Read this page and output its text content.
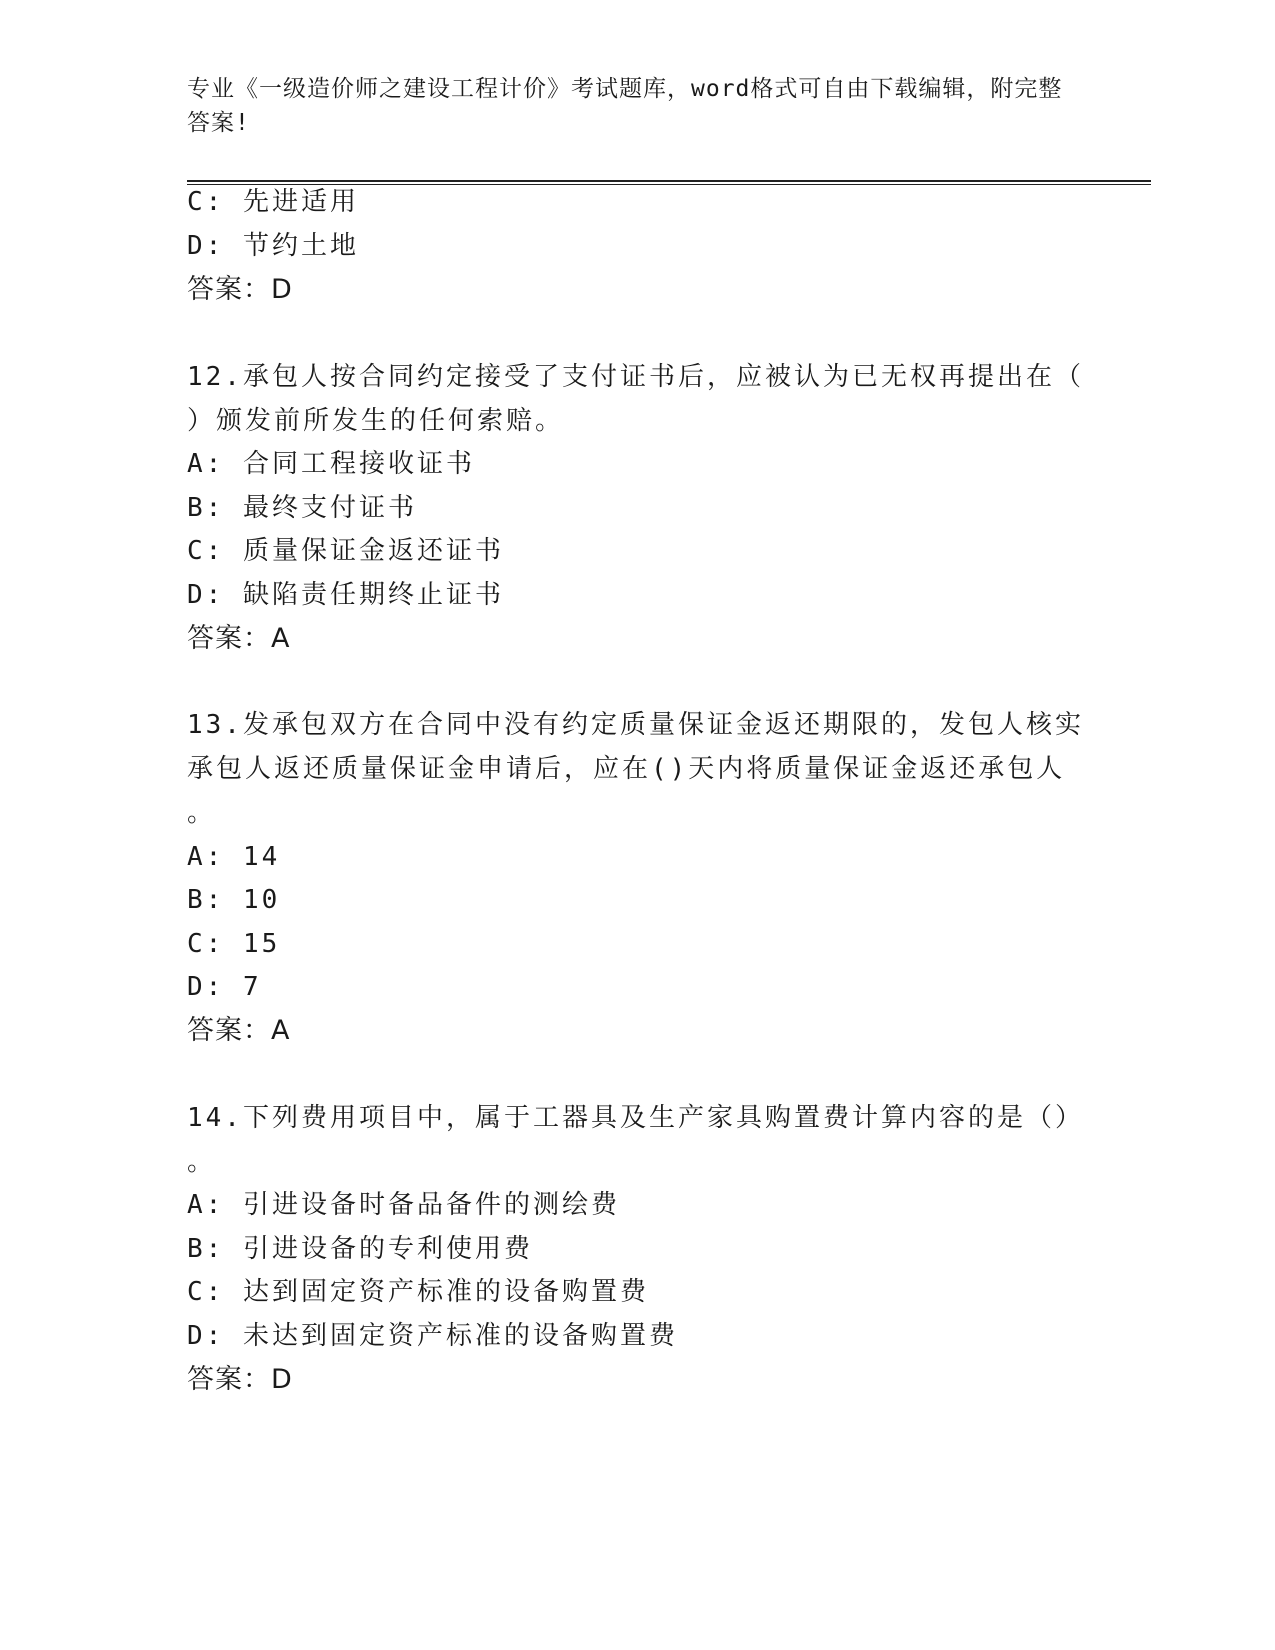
专业《一级造价师之建设工程计价》考试题库，word格式可自由下载编辑，附完整答案!
C: 先进适用
D: 节约土地
答案：D
12.承包人按合同约定接受了支付证书后，应被认为已无权再提出在（
）颁发前所发生的任何索赔。
A: 合同工程接收证书
B: 最终支付证书
C: 质量保证金返还证书
D: 缺陷责任期终止证书
答案：A
13.发承包双方在合同中没有约定质量保证金返还期限的，发包人核实
承包人返还质量保证金申请后，应在()天内将质量保证金返还承包人
。
A: 14
B: 10
C: 15
D: 7
答案：A
14.下列费用项目中，属于工器具及生产家具购置费计算内容的是（）
。
A: 引进设备时备品备件的测绘费
B: 引进设备的专利使用费
C: 达到固定资产标准的设备购置费
D: 未达到固定资产标准的设备购置费
答案：D
